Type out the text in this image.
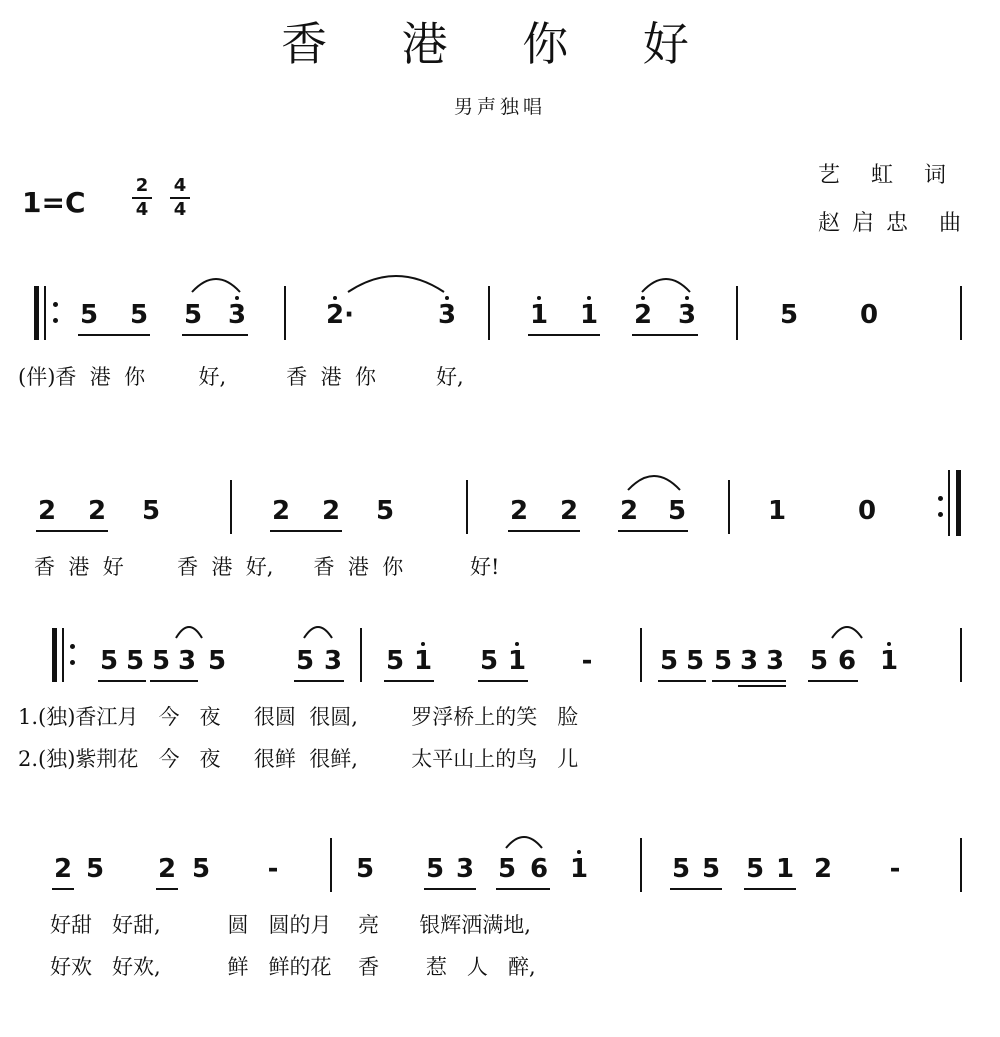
香 港 你 好
男声独唱
1=C
2
4
4
4
艺 虹 词
赵启忠 曲
5 5 5 3	2·	3	1 1 2 3	5 0
(伴)香  港  你        好,         香  港  你         好,
2 2 5	2 2 5	2 2 2 5	1	0
香  港  好        香  港  好,      香  港  你          好!
5 5 5 3 5	5 3 5 1 5 1 -	5 5 5 3 3 5 6 1
1.(独)香江月   今   夜     很圆  很圆,        罗浮桥上的笑   脸
2.(独)紫荆花   今   夜     很鲜  很鲜,        太平山上的鸟   儿
2 5 2 5 -	5 5 3 5 6 1	5 5 5 1 2 -
好甜   好甜,          圆   圆的月    亮      银辉洒满地,
好欢   好欢,          鲜   鲜的花    香       惹   人   醉,
